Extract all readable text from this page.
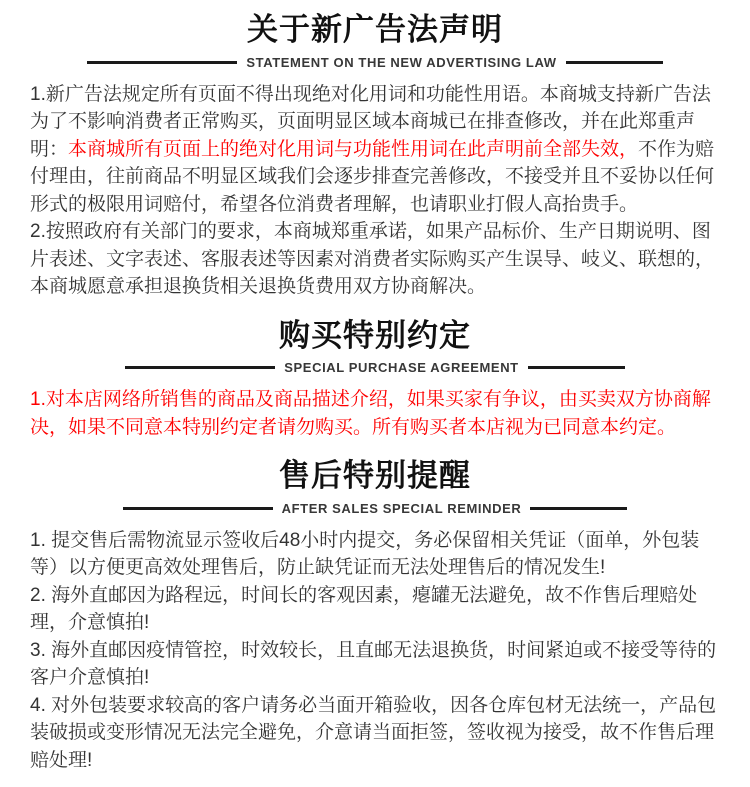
关于新广告法声明
STATEMENT ON THE NEW ADVERTISING LAW

1.新广告法规定所有页面不得出现绝对化用词和功能性用语。本商城支持新广告法为了不影响消费者正常购买，页面明显区域本商城已在排查修改，并在此郑重声明：本商城所有页面上的绝对化用词与功能性用词在此声明前全部失效，不作为赔付理由，往前商品不明显区域我们会逐步排查完善修改，不接受并且不妥协以任何形式的极限用词赔付，希望各位消费者理解，也请职业打假人高抬贵手。

2.按照政府有关部门的要求，本商城郑重承诺，如果产品标价、生产日期说明、图片表述、文字表述、客服表述等因素对消费者实际购买产生误导、岐义、联想的，本商城愿意承担退换货相关退换货费用双方协商解决。

购买特别约定
SPECIAL PURCHASE AGREEMENT

1.对本店网络所销售的商品及商品描述介绍，如果买家有争议，由买卖双方协商解决，如果不同意本特别约定者请勿购买。所有购买者本店视为已同意本约定。

售后特别提醒
AFTER SALES SPECIAL REMINDER

1. 提交售后需物流显示签收后48小时内提交，务必保留相关凭证（面单，外包装等）以方便更高效处理售后，防止缺凭证而无法处理售后的情况发生!

2. 海外直邮因为路程远，时间长的客观因素，瘪罐无法避免，故不作售后理赔处理，介意慎拍!

3. 海外直邮因疫情管控，时效较长，且直邮无法退换货，时间紧迫或不接受等待的客户介意慎拍!

4. 对外包装要求较高的客户请务必当面开箱验收，因各仓库包材无法统一，产品包装破损或变形情况无法完全避免，介意请当面拒签，签收视为接受，故不作售后理赔处理!
